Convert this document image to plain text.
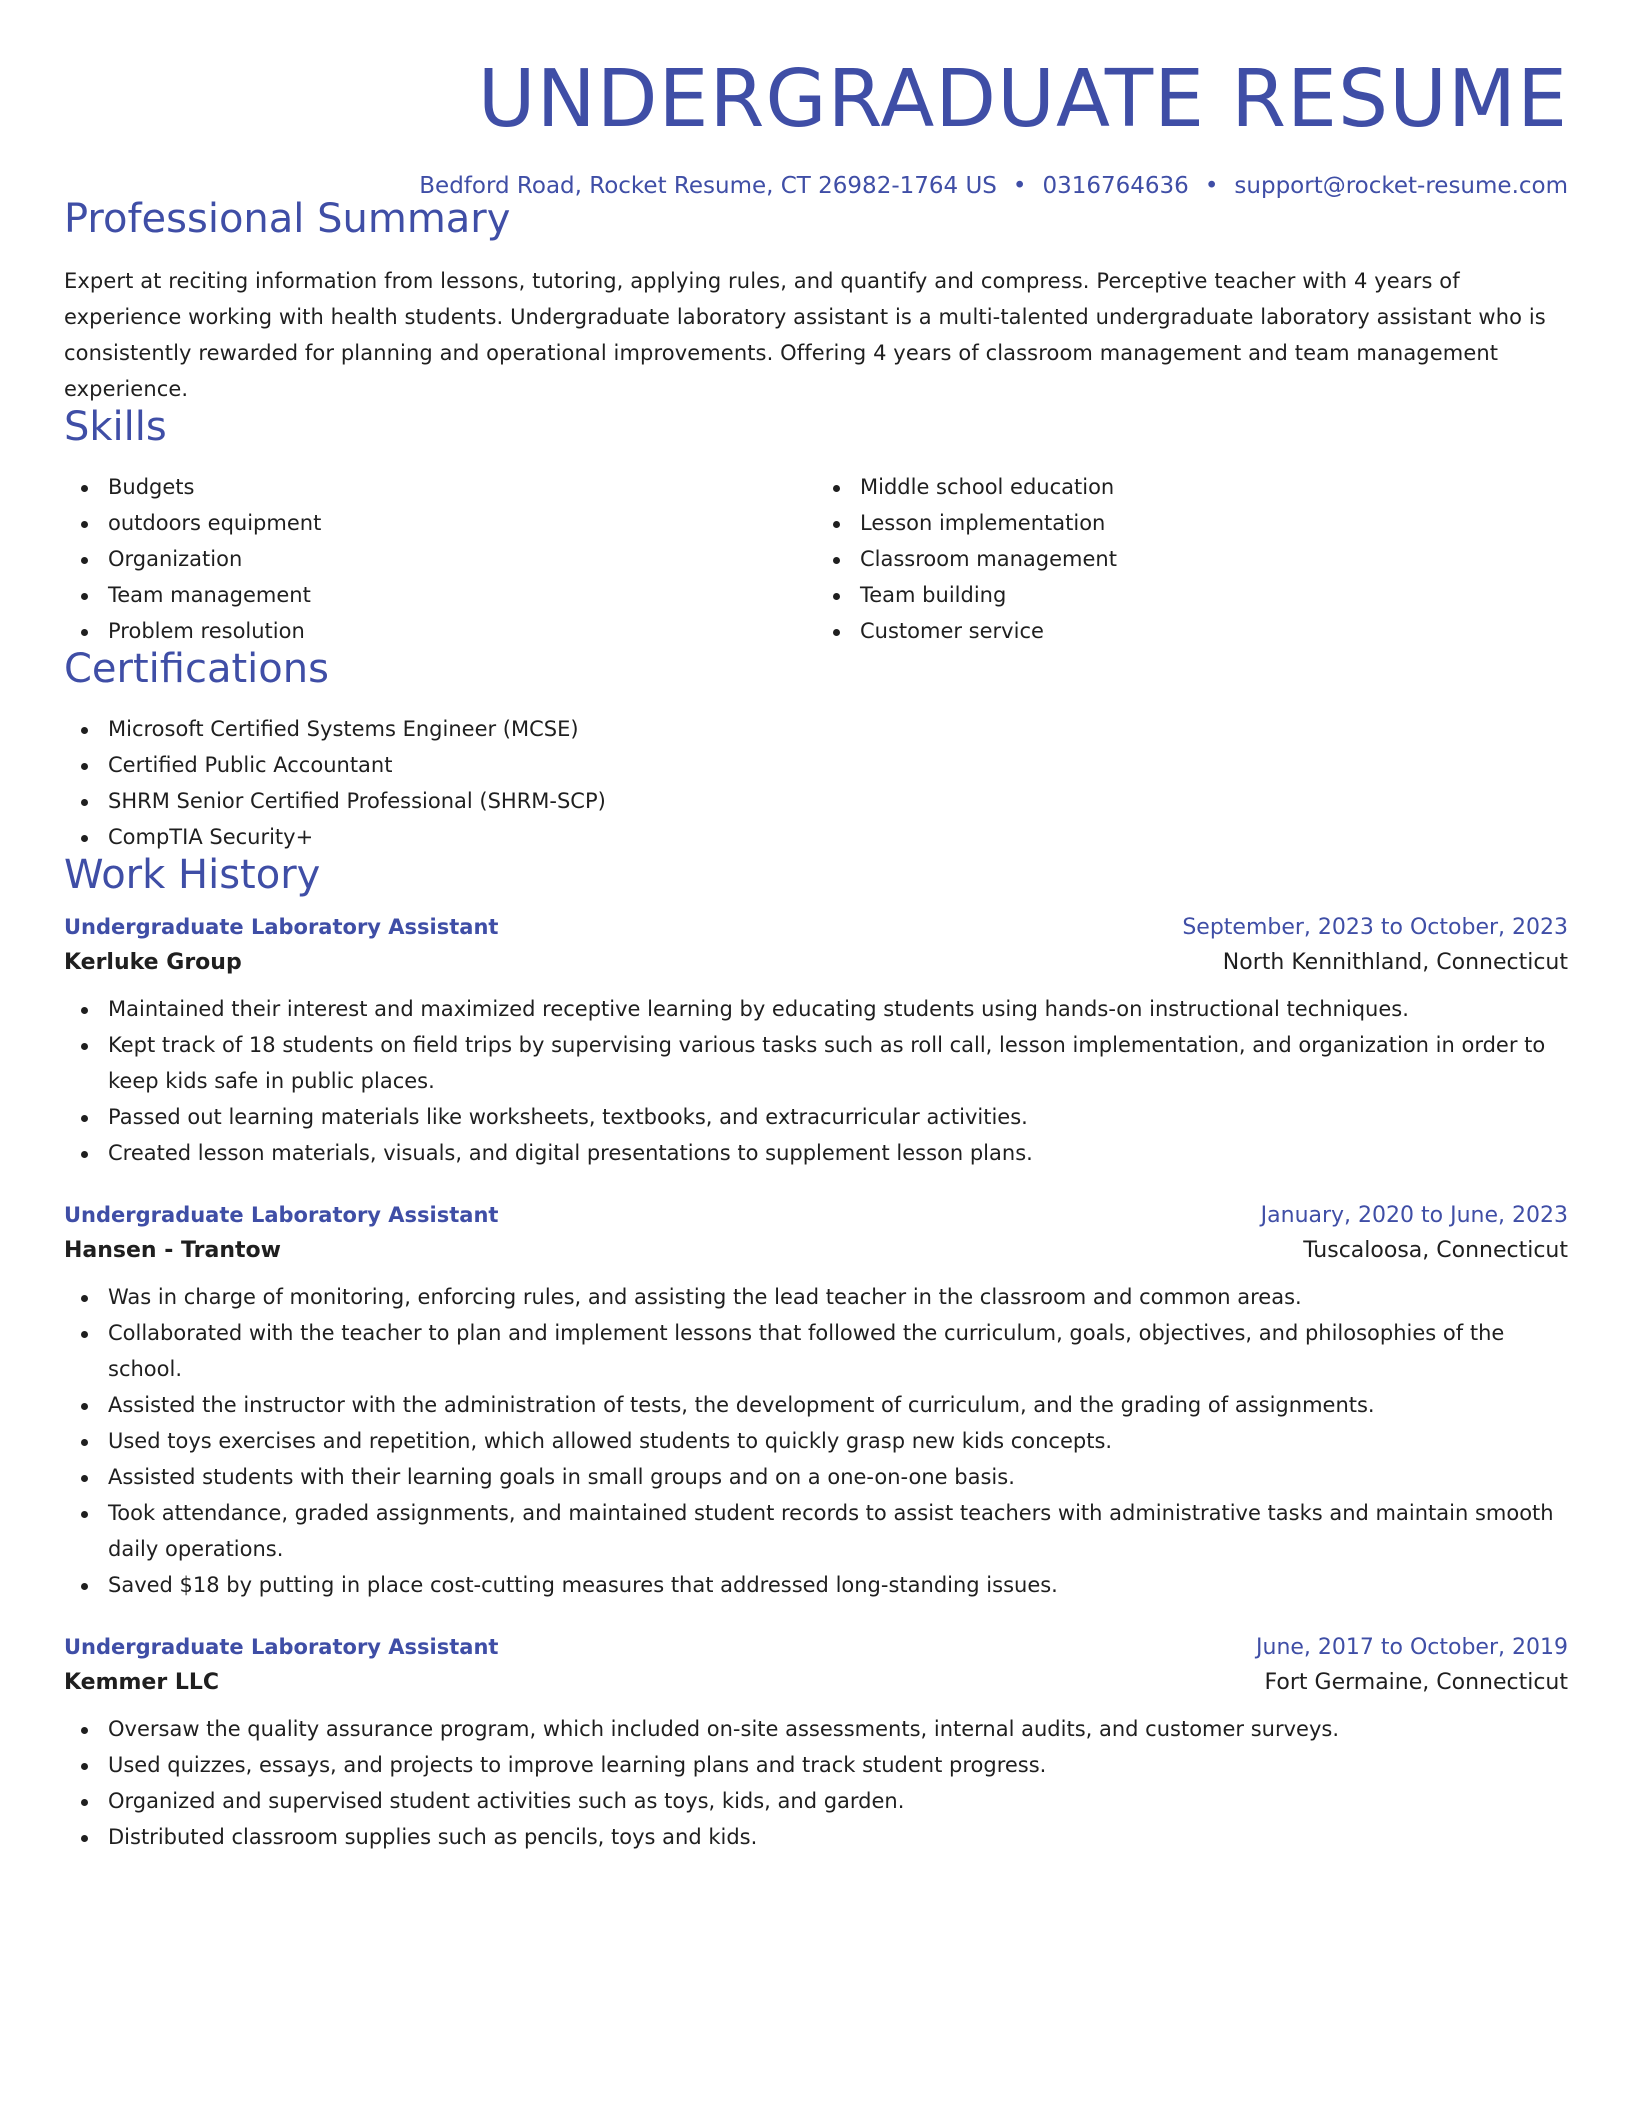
UNDERGRADUATE RESUME
Bedford Road, Rocket Resume, CT 26982-1764 US • 0316764636 • support@rocket-resume.com
Professional Summary
Expert at reciting information from lessons, tutoring, applying rules, and quantify and compress. Perceptive teacher with 4 years of experience working with health students. Undergraduate laboratory assistant is a multi-talented undergraduate laboratory assistant who is consistently rewarded for planning and operational improvements. Offering 4 years of classroom management and team management experience.
Skills
Budgets
outdoors equipment
Organization
Team management
Problem resolution
Middle school education
Lesson implementation
Classroom management
Team building
Customer service
Certifications
Microsoft Certified Systems Engineer (MCSE)
Certified Public Accountant
SHRM Senior Certified Professional (SHRM-SCP)
CompTIA Security+
Work History
Undergraduate Laboratory Assistant	September, 2023 to October, 2023
Kerluke Group	North Kennithland, Connecticut
Maintained their interest and maximized receptive learning by educating students using hands-on instructional techniques.
Kept track of 18 students on field trips by supervising various tasks such as roll call, lesson implementation, and organization in order to keep kids safe in public places.
Passed out learning materials like worksheets, textbooks, and extracurricular activities.
Created lesson materials, visuals, and digital presentations to supplement lesson plans.
Undergraduate Laboratory Assistant	January, 2020 to June, 2023
Hansen - Trantow	Tuscaloosa, Connecticut
Was in charge of monitoring, enforcing rules, and assisting the lead teacher in the classroom and common areas.
Collaborated with the teacher to plan and implement lessons that followed the curriculum, goals, objectives, and philosophies of the school.
Assisted the instructor with the administration of tests, the development of curriculum, and the grading of assignments.
Used toys exercises and repetition, which allowed students to quickly grasp new kids concepts.
Assisted students with their learning goals in small groups and on a one-on-one basis.
Took attendance, graded assignments, and maintained student records to assist teachers with administrative tasks and maintain smooth daily operations.
Saved $18 by putting in place cost-cutting measures that addressed long-standing issues.
Undergraduate Laboratory Assistant	June, 2017 to October, 2019
Kemmer LLC	Fort Germaine, Connecticut
Oversaw the quality assurance program, which included on-site assessments, internal audits, and customer surveys.
Used quizzes, essays, and projects to improve learning plans and track student progress.
Organized and supervised student activities such as toys, kids, and garden.
Distributed classroom supplies such as pencils, toys and kids.
